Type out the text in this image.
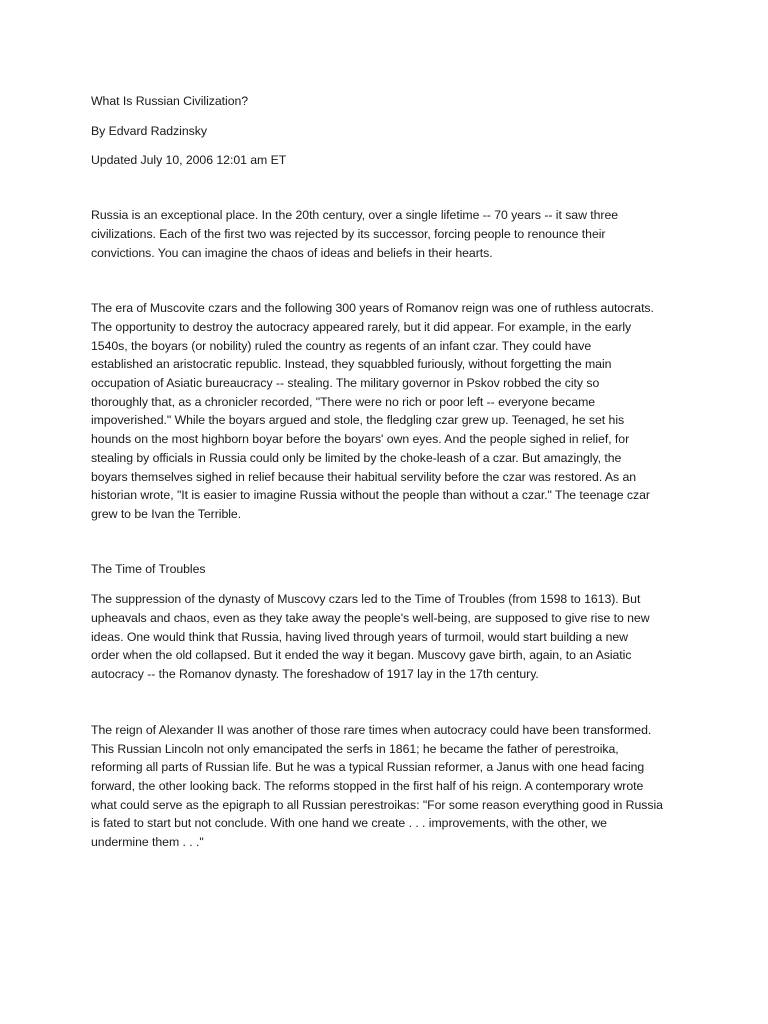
What Is Russian Civilization?

By Edvard Radzinsky

Updated July 10, 2006 12:01 am ET

Russia is an exceptional place. In the 20th century, over a single lifetime -- 70 years -- it saw three

civilizations. Each of the first two was rejected by its successor, forcing people to renounce their

convictions. You can imagine the chaos of ideas and beliefs in their hearts.

The era of Muscovite czars and the following 300 years of Romanov reign was one of ruthless autocrats.

The opportunity to destroy the autocracy appeared rarely, but it did appear. For example, in the early

1540s, the boyars (or nobility) ruled the country as regents of an infant czar. They could have

established an aristocratic republic. Instead, they squabbled furiously, without forgetting the main

occupation of Asiatic bureaucracy -- stealing. The military governor in Pskov robbed the city so

thoroughly that, as a chronicler recorded, "There were no rich or poor left -- everyone became

impoverished." While the boyars argued and stole, the fledgling czar grew up. Teenaged, he set his

hounds on the most highborn boyar before the boyars' own eyes. And the people sighed in relief, for

stealing by officials in Russia could only be limited by the choke-leash of a czar. But amazingly, the

boyars themselves sighed in relief because their habitual servility before the czar was restored. As an

historian wrote, "It is easier to imagine Russia without the people than without a czar." The teenage czar

grew to be Ivan the Terrible.

The Time of Troubles

The suppression of the dynasty of Muscovy czars led to the Time of Troubles (from 1598 to 1613). But

upheavals and chaos, even as they take away the people's well-being, are supposed to give rise to new

ideas. One would think that Russia, having lived through years of turmoil, would start building a new

order when the old collapsed. But it ended the way it began. Muscovy gave birth, again, to an Asiatic

autocracy -- the Romanov dynasty. The foreshadow of 1917 lay in the 17th century.

The reign of Alexander II was another of those rare times when autocracy could have been transformed.

This Russian Lincoln not only emancipated the serfs in 1861; he became the father of perestroika,

reforming all parts of Russian life. But he was a typical Russian reformer, a Janus with one head facing

forward, the other looking back. The reforms stopped in the first half of his reign. A contemporary wrote

what could serve as the epigraph to all Russian perestroikas: "For some reason everything good in Russia

is fated to start but not conclude. With one hand we create . . . improvements, with the other, we

undermine them . . ."
